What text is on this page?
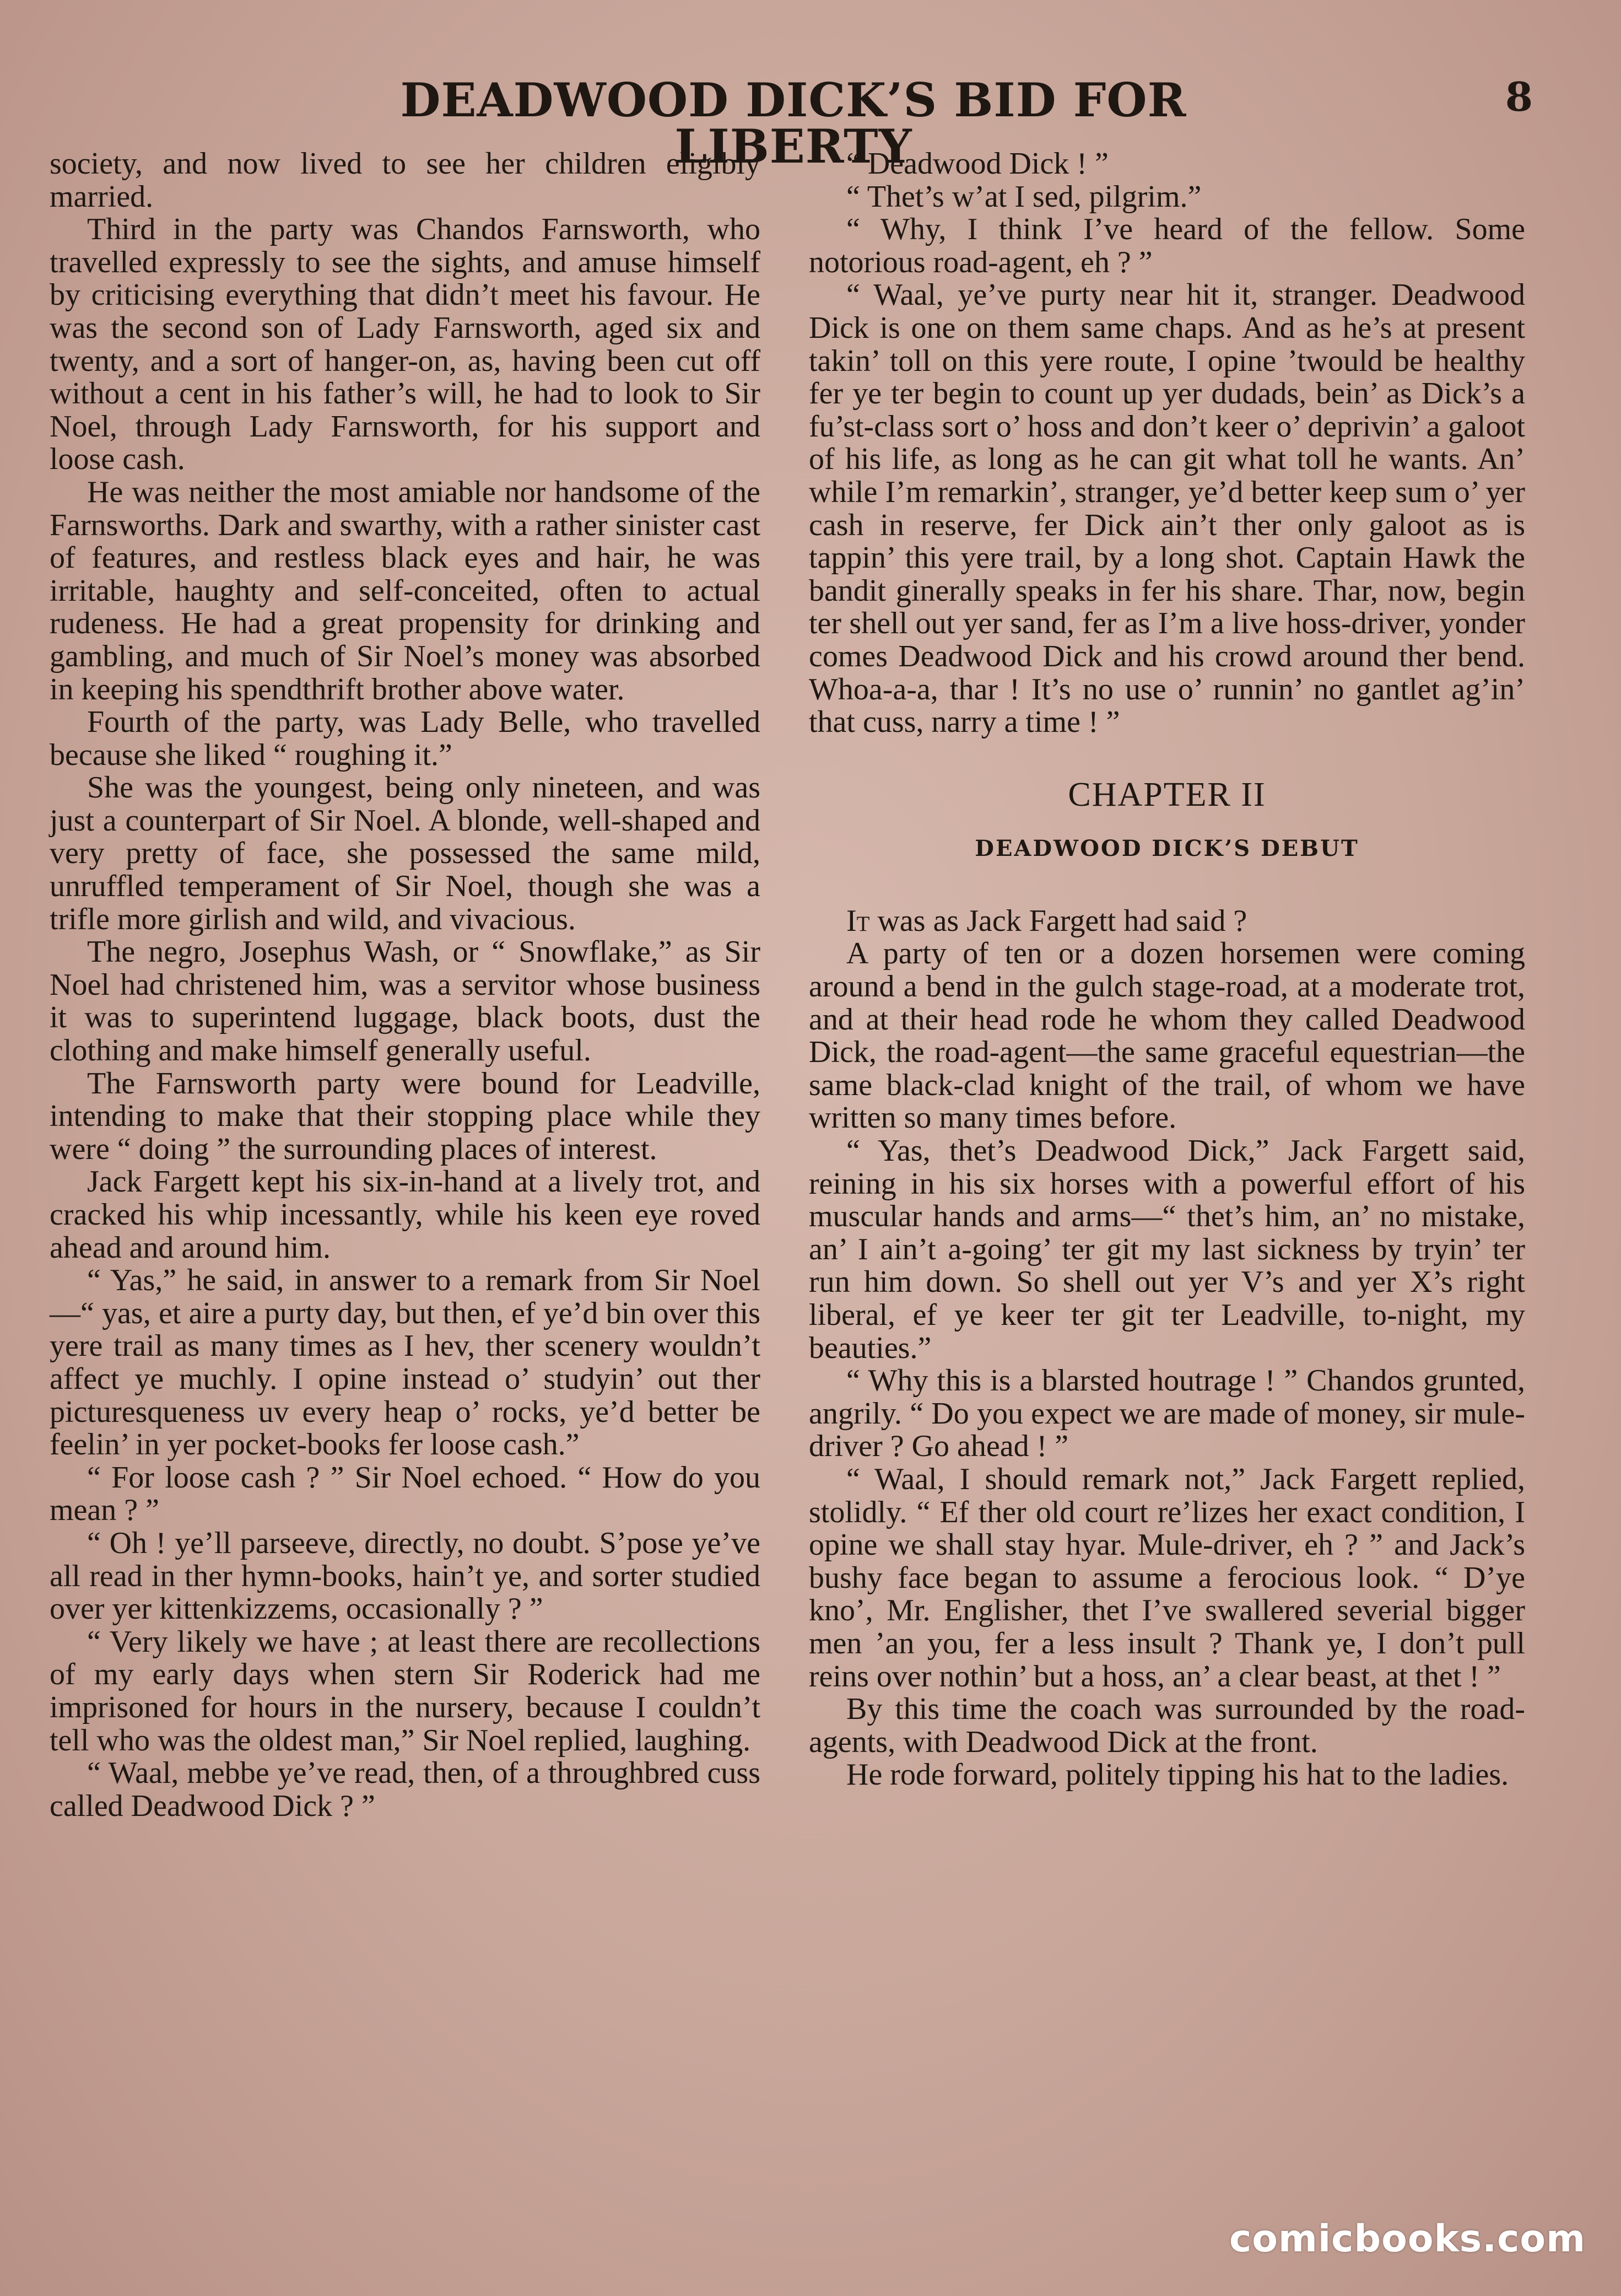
DEADWOOD DICK’S BID FOR LIBERTY
8

society, and now lived to see her children eligibly married.

Third in the party was Chandos Farnsworth, who travelled expressly to see the sights, and amuse himself by criticising everything that didn’t meet his favour. He was the second son of Lady Farnsworth, aged six and twenty, and a sort of hanger-on, as, having been cut off without a cent in his father’s will, he had to look to Sir Noel, through Lady Farnsworth, for his support and loose cash.

He was neither the most amiable nor handsome of the Farnsworths. Dark and swarthy, with a rather sinister cast of features, and restless black eyes and hair, he was irritable, haughty and self-conceited, often to actual rudeness. He had a great propensity for drinking and gambling, and much of Sir Noel’s money was absorbed in keeping his spendthrift brother above water.

Fourth of the party, was Lady Belle, who travelled because she liked “ roughing it.”

She was the youngest, being only nineteen, and was just a counterpart of Sir Noel. A blonde, well-shaped and very pretty of face, she possessed the same mild, unruffled temperament of Sir Noel, though she was a trifle more girlish and wild, and vivacious.

The negro, Josephus Wash, or “ Snowflake,” as Sir Noel had christened him, was a servitor whose business it was to superintend luggage, black boots, dust the clothing and make himself generally useful.

The Farnsworth party were bound for Leadville, intending to make that their stopping place while they were “ doing ” the surrounding places of interest.

Jack Fargett kept his six-in-hand at a lively trot, and cracked his whip incessantly, while his keen eye roved ahead and around him.

“ Yas,” he said, in answer to a remark from Sir Noel—“ yas, et aire a purty day, but then, ef ye’d bin over this yere trail as many times as I hev, ther scenery wouldn’t affect ye muchly. I opine instead o’ studyin’ out ther picturesqueness uv every heap o’ rocks, ye’d better be feelin’ in yer pocket-books fer loose cash.”

“ For loose cash ? ” Sir Noel echoed. “ How do you mean ? ”

“ Oh ! ye’ll parseeve, directly, no doubt. S’pose ye’ve all read in ther hymn-books, hain’t ye, and sorter studied over yer kittenkizzems, occasionally ? ”

“ Very likely we have ; at least there are recollections of my early days when stern Sir Roderick had me imprisoned for hours in the nursery, because I couldn’t tell who was the oldest man,” Sir Noel replied, laughing.

“ Waal, mebbe ye’ve read, then, of a throughbred cuss called Deadwood Dick ? ”

“ Deadwood Dick ! ”

“ Thet’s w’at I sed, pilgrim.”

“ Why, I think I’ve heard of the fellow. Some notorious road-agent, eh ? ”

“ Waal, ye’ve purty near hit it, stranger. Deadwood Dick is one on them same chaps. And as he’s at present takin’ toll on this yere route, I opine ’twould be healthy fer ye ter begin to count up yer dudads, bein’ as Dick’s a fu’st-class sort o’ hoss and don’t keer o’ deprivin’ a galoot of his life, as long as he can git what toll he wants. An’ while I’m remarkin’, stranger, ye’d better keep sum o’ yer cash in reserve, fer Dick ain’t ther only galoot as is tappin’ this yere trail, by a long shot. Captain Hawk the bandit ginerally speaks in fer his share. Thar, now, begin ter shell out yer sand, fer as I’m a live hoss-driver, yonder comes Deadwood Dick and his crowd around ther bend. Whoa-a-a, thar ! It’s no use o’ runnin’ no gantlet ag’in’ that cuss, narry a time ! ”

CHAPTER II
DEADWOOD DICK’S DEBUT

It was as Jack Fargett had said ?

A party of ten or a dozen horsemen were coming around a bend in the gulch stage-road, at a moderate trot, and at their head rode he whom they called Deadwood Dick, the road-agent—the same graceful equestrian—the same black-clad knight of the trail, of whom we have written so many times before.

“ Yas, thet’s Deadwood Dick,” Jack Fargett said, reining in his six horses with a powerful effort of his muscular hands and arms—“ thet’s him, an’ no mistake, an’ I ain’t a-going’ ter git my last sickness by tryin’ ter run him down. So shell out yer V’s and yer X’s right liberal, ef ye keer ter git ter Leadville, to-night, my beauties.”

“ Why this is a blarsted houtrage ! ” Chandos grunted, angrily. “ Do you expect we are made of money, sir mule-driver ? Go ahead ! ”

“ Waal, I should remark not,” Jack Fargett replied, stolidly. “ Ef ther old court re’lizes her exact condition, I opine we shall stay hyar. Mule-driver, eh ? ” and Jack’s bushy face began to assume a ferocious look. “ D’ye kno’, Mr. Englisher, thet I’ve swallered severial bigger men ’an you, fer a less insult ? Thank ye, I don’t pull reins over nothin’ but a hoss, an’ a clear beast, at thet ! ”

By this time the coach was surrounded by the road-agents, with Deadwood Dick at the front.

He rode forward, politely tipping his hat to the ladies.

comicbooks.com
